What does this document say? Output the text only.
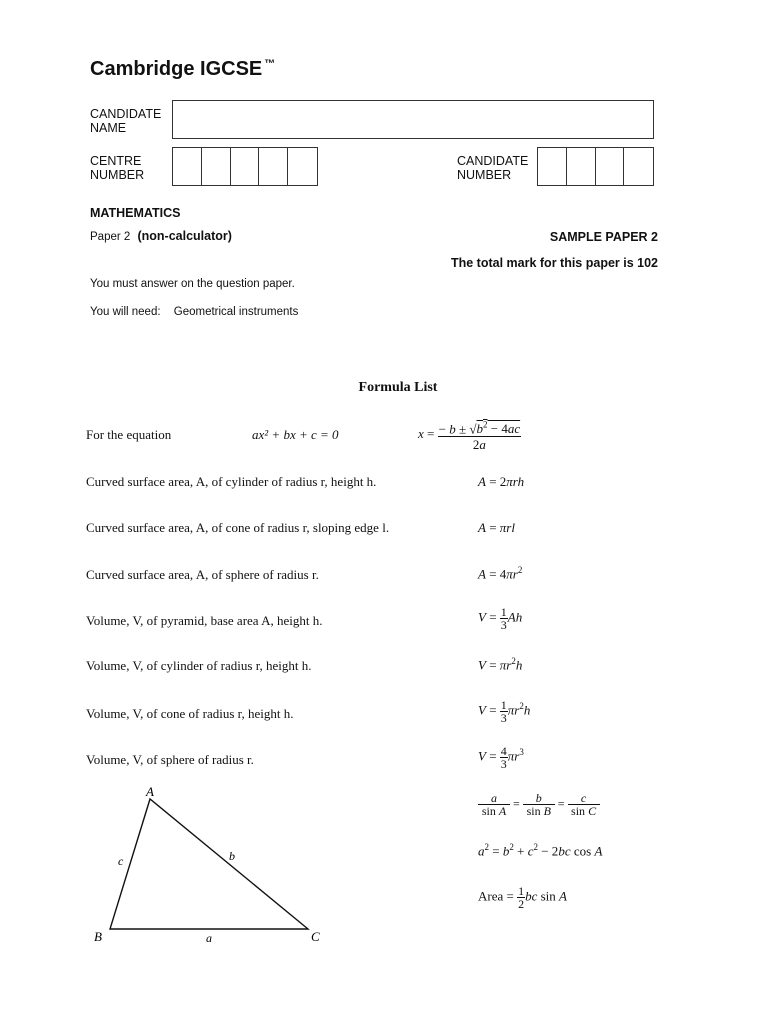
Cambridge IGCSE ™
CANDIDATE
NAME
CENTRE
NUMBER
CANDIDATE
NUMBER
MATHEMATICS
Paper 2 (non-calculator)	SAMPLE PAPER 2
The total mark for this paper is 102
You must answer on the question paper.
You will need: Geometrical instruments
Formula List
For the equation	ax² + bx + c = 0	$x = \frac{- b \pm √b^2 - 4ac}{2a}$
Curved surface area, A, of cylinder of radius r, height h.	A = 2πrh
Curved surface area, A, of cone of radius r, sloping edge l.	A = πrl
Curved surface area, A, of sphere of radius r.	$A = 4\pi r^2$
Volume, V, of pyramid, base area A, height h.	$V = \frac{1}{3}$ Ah
Volume, V, of cylinder of radius r, height h.	$V = \pi r^2h$
Volume, V, of cone of radius r, height h.	$V = \frac{1}{3} \pi r^2h$
Volume, V, of sphere of radius r.	$V = \frac{4}{3} \pi r^3$
A
B	C
a
b
c
$\frac{a}{\text{sin A}} = \frac{b}{\text{sin B}} = \frac{c}{\text{sin C}}$
$a^2 = b^2 + c^2 - 2bc$ cos A
Area = $\frac{1}{2}$ bc sin A
